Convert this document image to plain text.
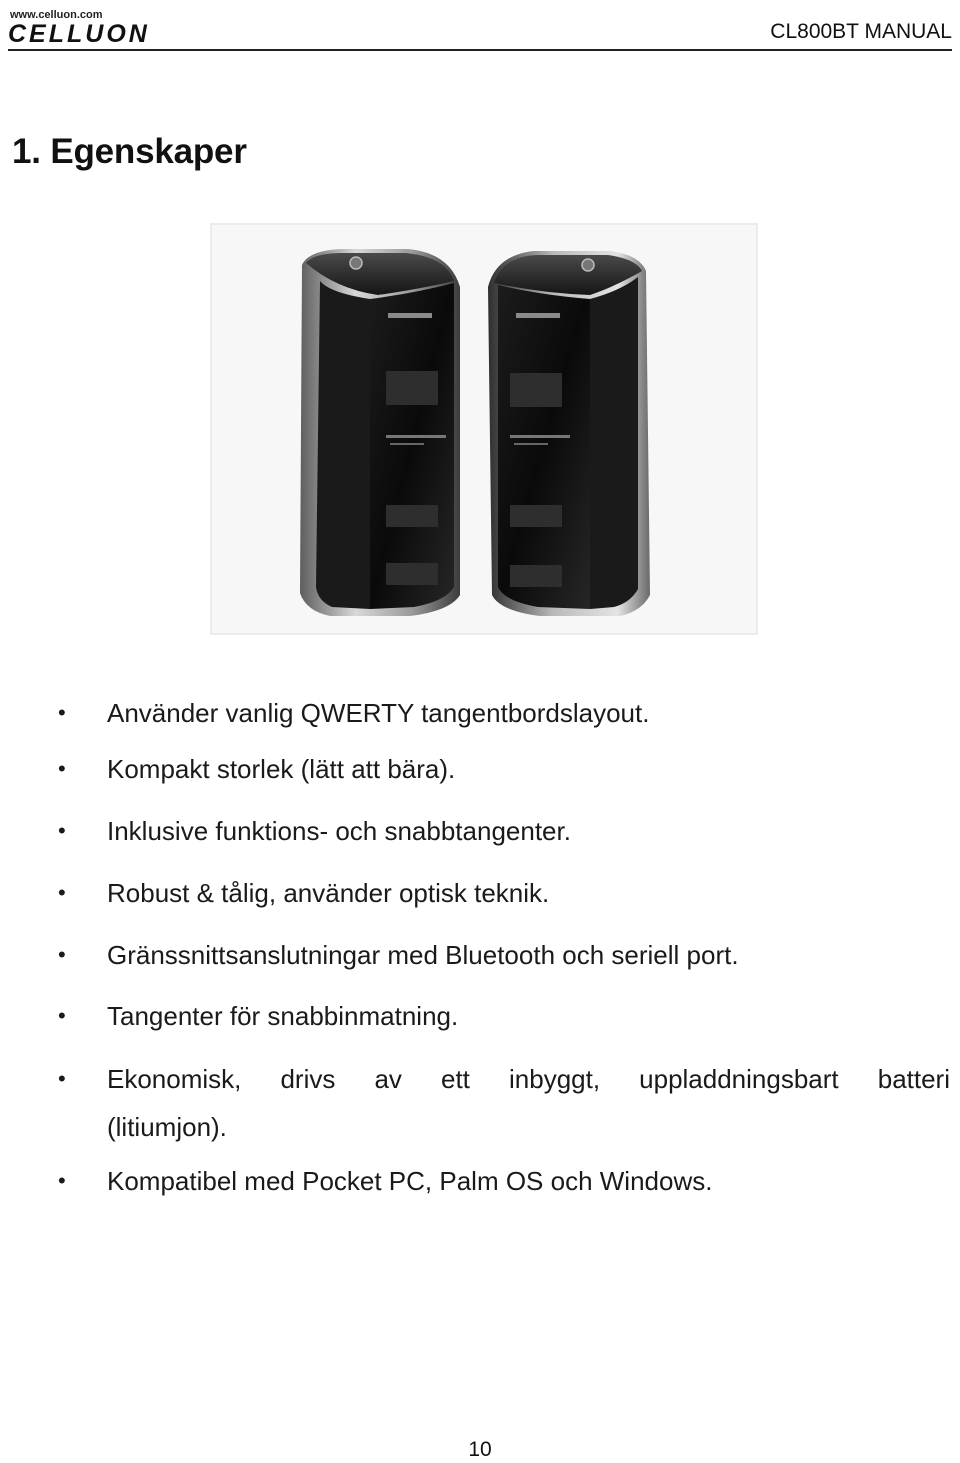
www.celluon.com
CELLUON	CL800BT MANUAL
1. Egenskaper
• Använder vanlig QWERTY tangentbordslayout.
• Kompakt storlek (lätt att bära).
• Inklusive funktions- och snabbtangenter.
• Robust & tålig, använder optisk teknik.
• Gränssnittsanslutningar med Bluetooth och seriell port.
• Tangenter för snabbinmatning.
• Ekonomisk, drivs av ett inbyggt, uppladdningsbart batteri
(litiumjon).
• Kompatibel med Pocket PC, Palm OS och Windows.
10
